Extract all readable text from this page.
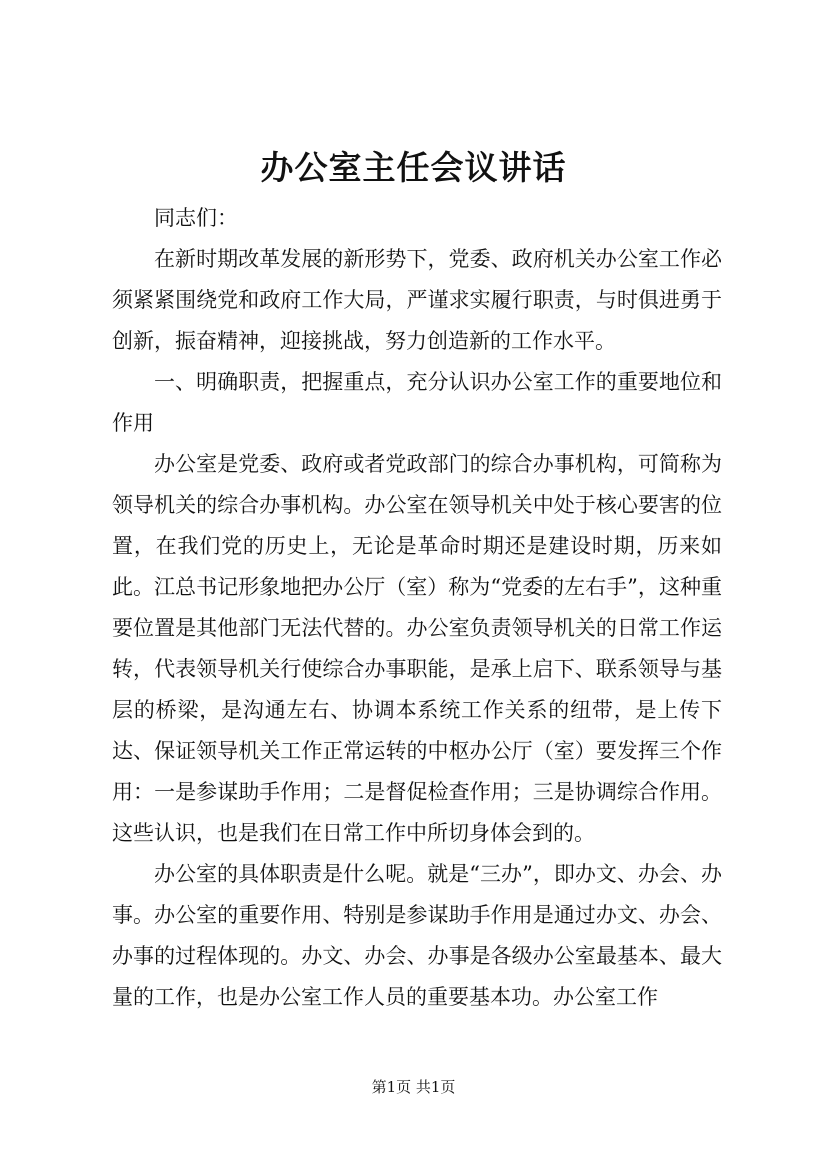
办公室主任会议讲话

同志们：

在新时期改革发展的新形势下，党委、政府机关办公室工作必须紧紧围绕党和政府工作大局，严谨求实履行职责，与时俱进勇于创新，振奋精神，迎接挑战，努力创造新的工作水平。

一、明确职责，把握重点，充分认识办公室工作的重要地位和作用

办公室是党委、政府或者党政部门的综合办事机构，可简称为领导机关的综合办事机构。办公室在领导机关中处于核心要害的位置，在我们党的历史上，无论是革命时期还是建设时期，历来如此。江总书记形象地把办公厅（室）称为“党委的左右手”，这种重要位置是其他部门无法代替的。办公室负责领导机关的日常工作运转，代表领导机关行使综合办事职能，是承上启下、联系领导与基层的桥梁，是沟通左右、协调本系统工作关系的纽带，是上传下达、保证领导机关工作正常运转的中枢办公厅（室）要发挥三个作用：一是参谋助手作用；二是督促检查作用；三是协调综合作用。这些认识，也是我们在日常工作中所切身体会到的。

办公室的具体职责是什么呢。就是“三办”，即办文、办会、办事。办公室的重要作用、特别是参谋助手作用是通过办文、办会、办事的过程体现的。办文、办会、办事是各级办公室最基本、最大量的工作，也是办公室工作人员的重要基本功。办公室工作

第1页 共1页
